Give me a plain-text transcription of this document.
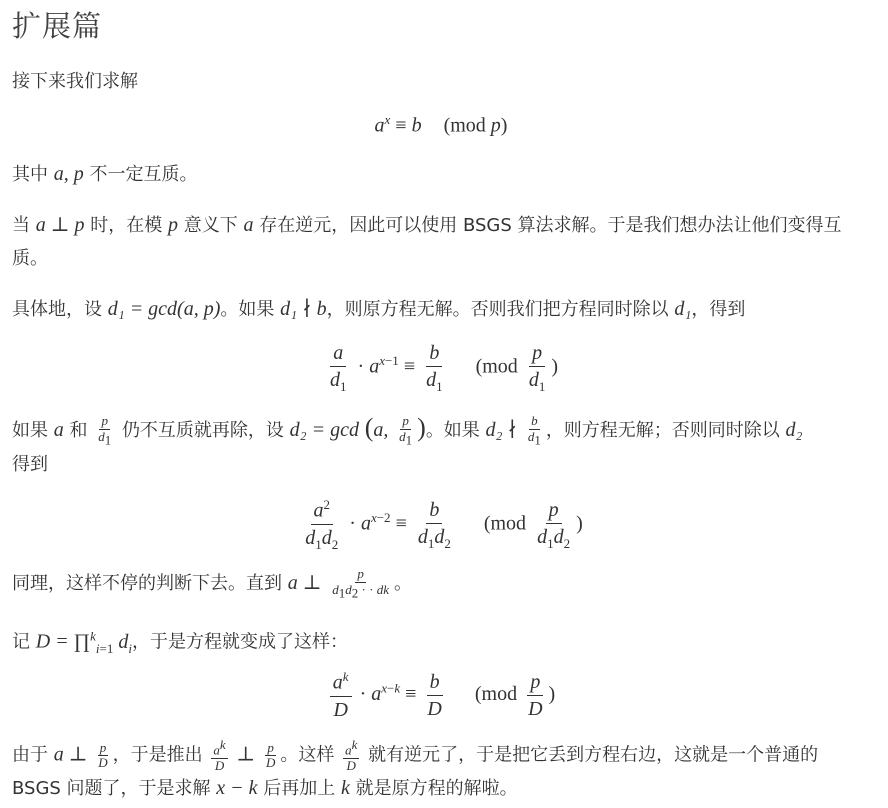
扩展篇
接下来我们求解
$a^x \equiv b$ (mod p)
其中 a, p 不一定互质。
当 a ⊥ p 时，在模 p 意义下 a 存在逆元，因此可以使用 BSGS 算法求解。于是我们想办法让他们变得互质。
具体地，设 d₁ = gcd(a, p)。如果 d₁ ∤ b，则原方程无解。否则我们把方程同时除以 d₁，得到
$\frac{a}{d_1} \cdot a^{x-1} \equiv \frac{b}{d_1} (mod \frac{p}{d_1}$ )
如果 a 和 $\frac{p}{d_1}$ 仍不互质就再除，设 d₂ = gcd (a, $\frac{p}{d_1}$ )。如果 d₂ ∤ $\frac{b}{d_1}$ ，则方程无解；否则同时除以 d₂
得到
$\frac{a^2}{d_1d_2} \cdot a^{x-2} \equiv \frac{b}{d_1d_2} (mod \frac{p}{d_1d_2}$ )
同理，这样不停的判断下去。直到 a ⊥ $\frac{p}{d_1d_2 \cdot \cdot dk}$ 。
记 D = ∏$^k_{i=1}$ $d_i$，于是方程就变成了这样：
$\frac{a^k}{D} \cdot a^{x-k} \equiv \frac{b}{D} (mod \frac{p}{D}$ )
由于 a ⊥ $\frac{p}{D}$ ，于是推出 $\frac{a^k}{D}$ ⊥ $\frac{p}{D}$ 。这样 $\frac{a^k}{D}$ 就有逆元了，于是把它丢到方程右边，这就是一个普通的 BSGS 问题了，于是求解 x − k 后再加上 k 就是原方程的解啦。
